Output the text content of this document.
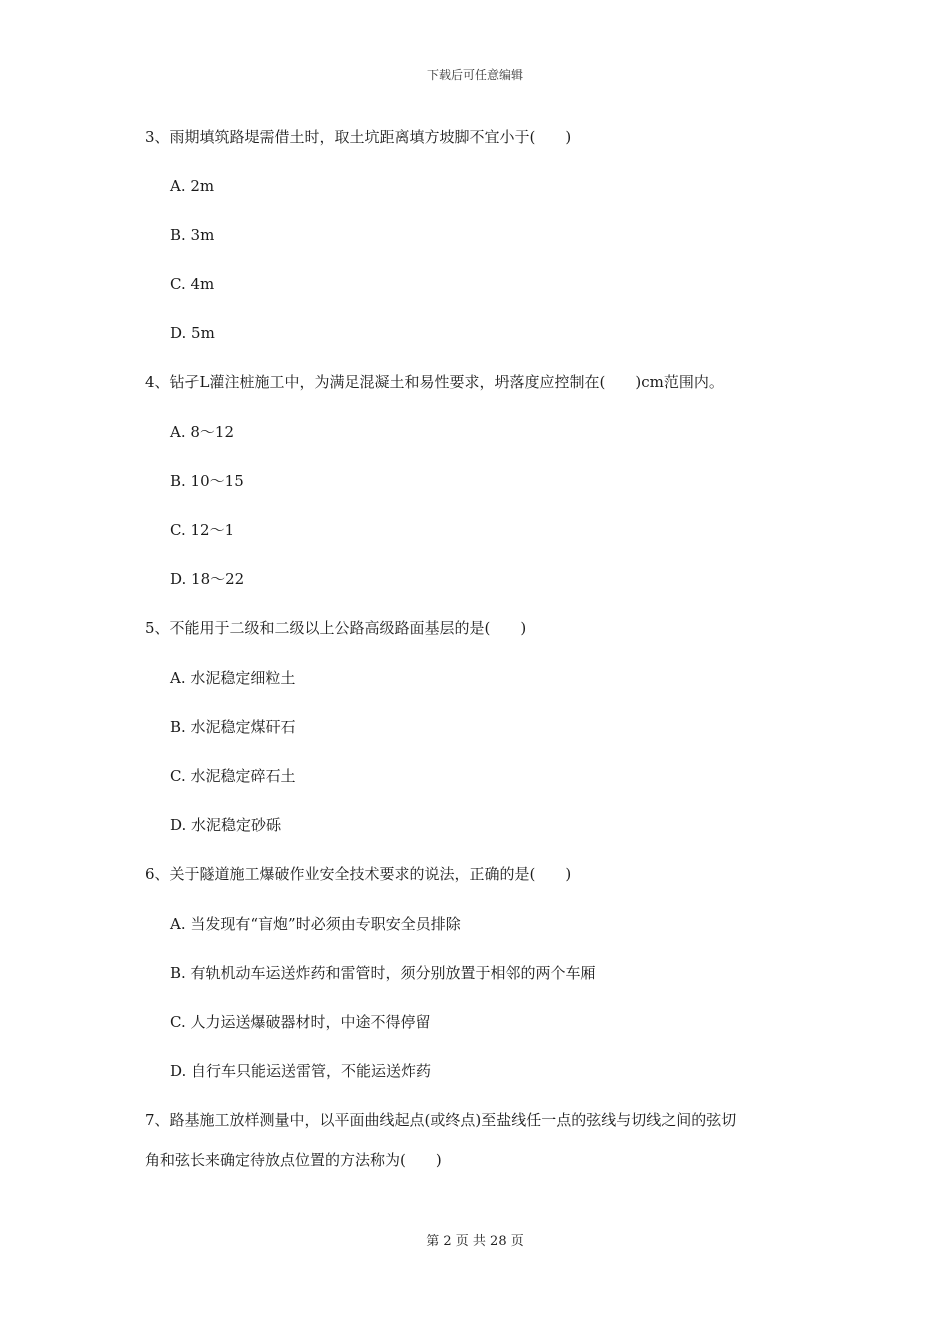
下载后可任意编辑
3、雨期填筑路堤需借土时，取土坑距离填方坡脚不宜小于(　　)
A. 2m
B. 3m
C. 4m
D. 5m
4、钻孑L灌注桩施工中，为满足混凝土和易性要求，坍落度应控制在(　　)cm范围内。
A. 8～12
B. 10～15
C. 12～1
D. 18～22
5、不能用于二级和二级以上公路高级路面基层的是(　　)
A. 水泥稳定细粒土
B. 水泥稳定煤矸石
C. 水泥稳定碎石土
D. 水泥稳定砂砾
6、关于隧道施工爆破作业安全技术要求的说法，正确的是(　　)
A. 当发现有“盲炮”时必须由专职安全员排除
B. 有轨机动车运送炸药和雷管时，须分别放置于相邻的两个车厢
C. 人力运送爆破器材时，中途不得停留
D. 自行车只能运送雷管，不能运送炸药
7、路基施工放样测量中，以平面曲线起点(或终点)至盐线任一点的弦线与切线之间的弦切
角和弦长来确定待放点位置的方法称为(　　)
第 2 页 共 28 页
